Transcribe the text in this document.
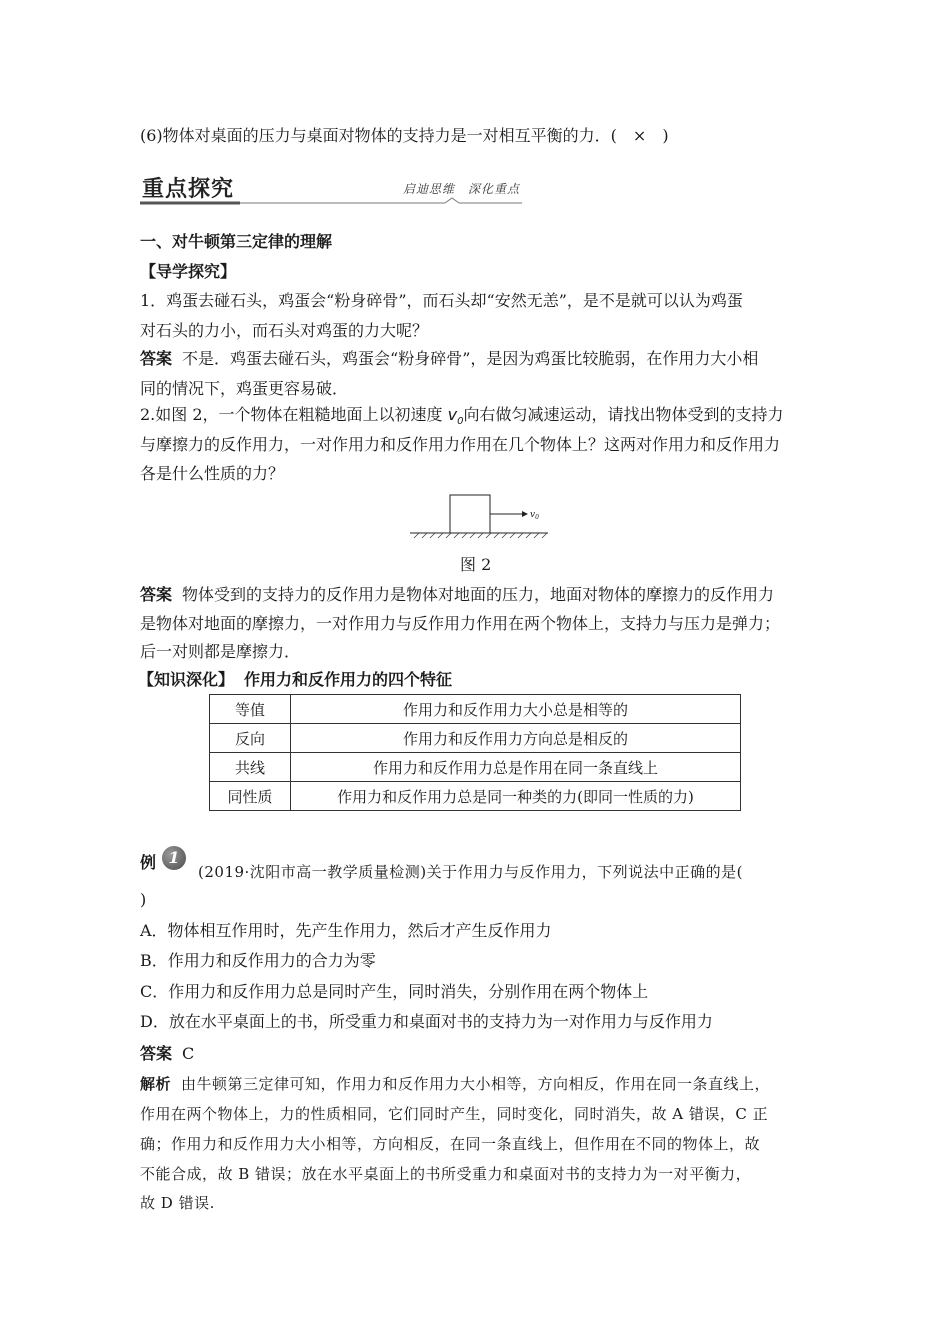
(6)物体对桌面的压力与桌面对物体的支持力是一对相互平衡的力．(　×　)
重点探究	启迪思维　深化重点
一、对牛顿第三定律的理解
【导学探究】
1．鸡蛋去碰石头，鸡蛋会“粉身碎骨”，而石头却“安然无恙”，是不是就可以认为鸡蛋
对石头的力小，而石头对鸡蛋的力大呢？
答案 不是．鸡蛋去碰石头，鸡蛋会“粉身碎骨”，是因为鸡蛋比较脆弱，在作用力大小相
同的情况下，鸡蛋更容易破．
2.如图 2，一个物体在粗糙地面上以初速度 $v_0$向右做匀减速运动，请找出物体受到的支持力
与摩擦力的反作用力，一对作用力和反作用力作用在几个物体上？这两对作用力和反作用力
各是什么性质的力？
$v_0$
图 2
答案 物体受到的支持力的反作用力是物体对地面的压力，地面对物体的摩擦力的反作用力
是物体对地面的摩擦力，一对作用力与反作用力作用在两个物体上，支持力与压力是弹力；
后一对则都是摩擦力．
【知识深化】 作用力和反作用力的四个特征
等值	作用力和反作用力大小总是相等的
反向	作用力和反作用力方向总是相反的
共线	作用力和反作用力总是作用在同一条直线上
同性质	作用力和反作用力总是同一种类的力(即同一性质的力)
例 1
(2019·沈阳市高一教学质量检测)关于作用力与反作用力，下列说法中正确的是(
)
A．物体相互作用时，先产生作用力，然后才产生反作用力
B．作用力和反作用力的合力为零
C．作用力和反作用力总是同时产生，同时消失，分别作用在两个物体上
D．放在水平桌面上的书，所受重力和桌面对书的支持力为一对作用力与反作用力
答案 C
解析 由牛顿第三定律可知，作用力和反作用力大小相等，方向相反，作用在同一条直线上，
作用在两个物体上，力的性质相同，它们同时产生，同时变化，同时消失，故 A 错误，C 正
确；作用力和反作用力大小相等，方向相反，在同一条直线上，但作用在不同的物体上，故
不能合成，故 B 错误；放在水平桌面上的书所受重力和桌面对书的支持力为一对平衡力，
故 D 错误.
